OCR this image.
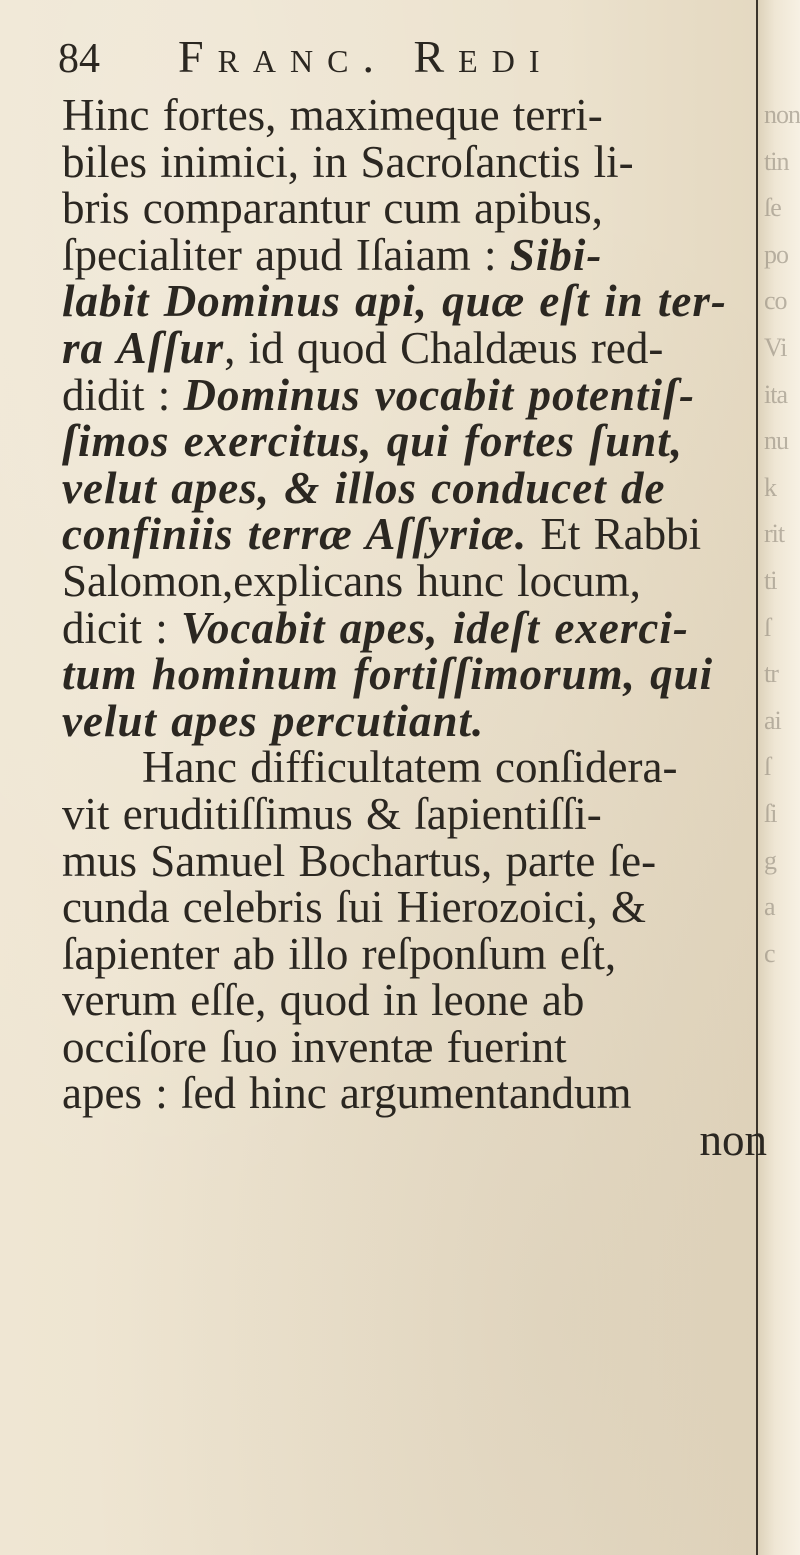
non
tin
ſe
po
co
Vi
ita
nu
k
rit
ti
ſ
tr
ai
ſ
ſi
g
a
c
84	Franc. Redi
Hinc fortes, maximeque terri-
biles inimici, in Sacroſanctis li-
bris comparantur cum apibus,
ſpecialiter apud Iſaiam : Sibi-
labit Dominus api, quæ eſt in ter-
ra Aſſur, id quod Chaldæus red-
didit : Dominus vocabit potentiſ-
ſimos exercitus, qui fortes ſunt,
velut apes, & illos conducet de
confiniis terræ Aſſyriæ. Et Rabbi
Salomon,explicans hunc locum,
dicit : Vocabit apes, ideſt exerci-
tum hominum fortiſſimorum, qui
velut apes percutiant.
Hanc difficultatem conſidera-
vit eruditiſſimus & ſapientiſſi-
mus Samuel Bochartus, parte ſe-
cunda celebris ſui Hierozoici, &
ſapienter ab illo reſponſum eſt,
verum eſſe, quod in leone ab
occiſore ſuo inventæ fuerint
apes : ſed hinc argumentandum
non
